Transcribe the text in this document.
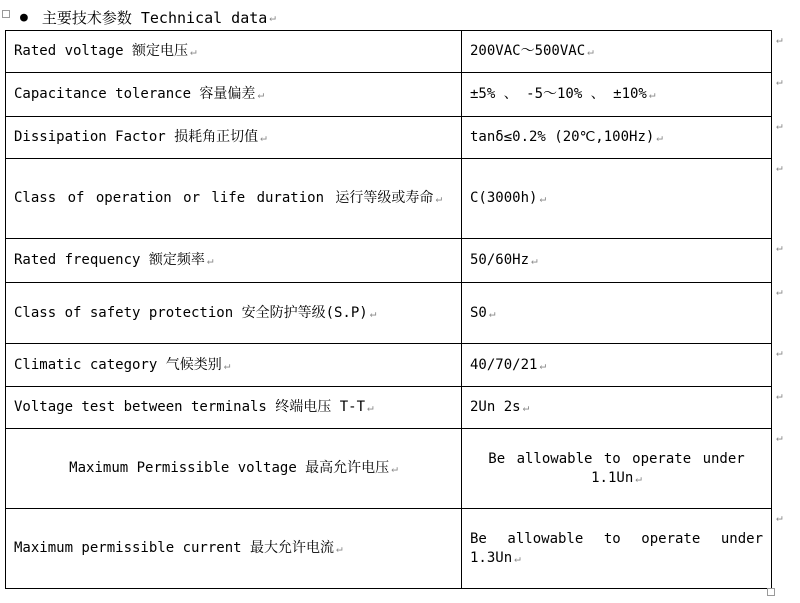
● 主要技术参数 Technical data ↵
Rated voltage 额定电压 ↵	200VAC～500VAC ↵
Capacitance tolerance 容量偏差 ↵	±5% 、 -5～10% 、 ±10% ↵
Dissipation Factor 损耗角正切值 ↵	tanδ≤0.2% (20℃,100Hz) ↵
Class of operation or life duration 运行等级或寿命 ↵	C(3000h) ↵
Rated frequency 额定频率 ↵	50/60Hz ↵
Class of safety protection 安全防护等级(S.P) ↵	S0 ↵
Climatic category 气候类别 ↵	40/70/21 ↵
Voltage test between terminals 终端电压 T-T ↵	2Un 2s ↵
Maximum Permissible voltage 最高允许电压 ↵	Be allowable to operate under 1.1Un ↵
Maximum permissible current 最大允许电流 ↵	Be allowable to operate under 1.3Un ↵
↵
↵
↵
↵
↵
↵
↵
↵
↵
↵
